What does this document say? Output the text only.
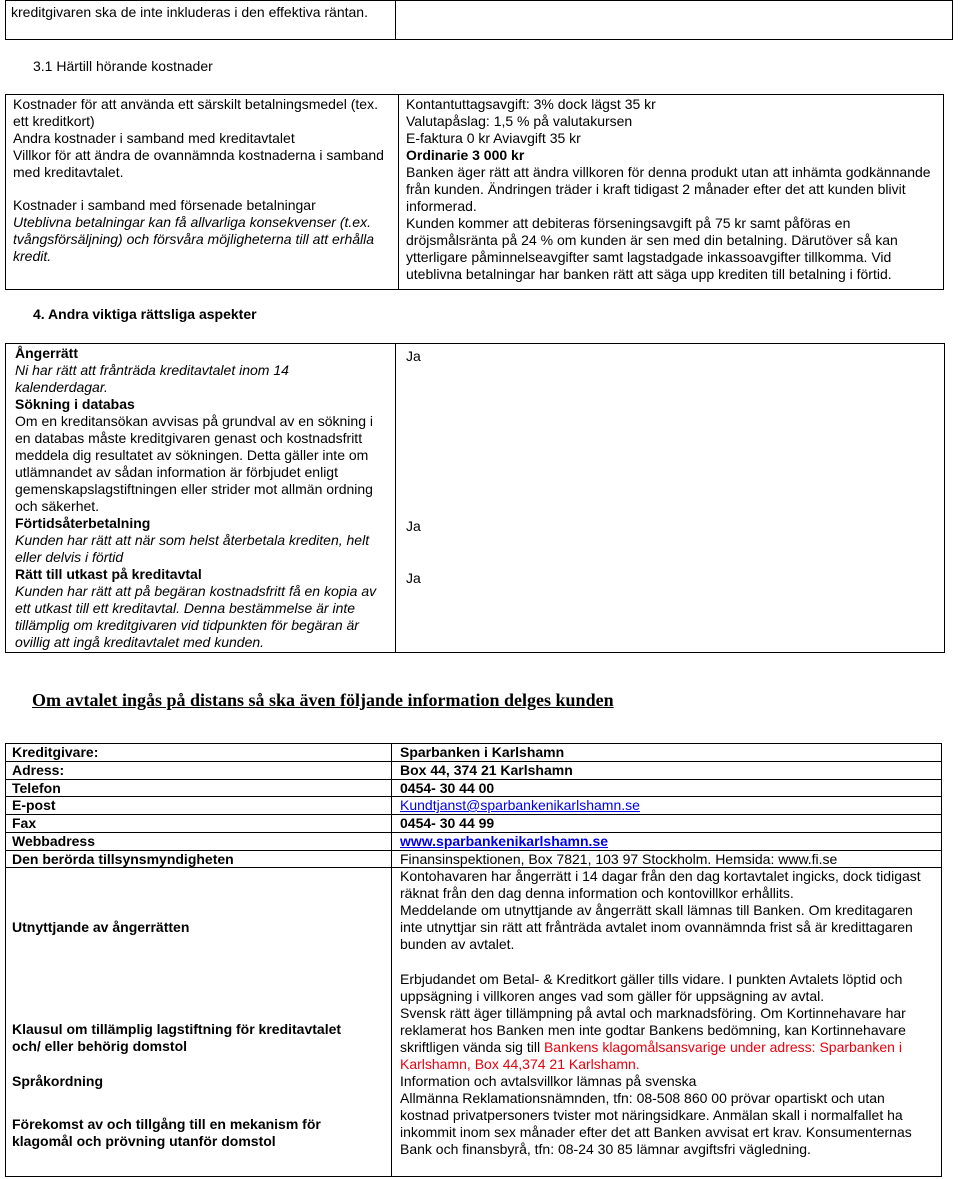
kreditgivaren ska de inte inkluderas i den effektiva räntan.
3.1 Härtill hörande kostnader

Kostnader för att använda ett särskilt betalningsmedel (tex. ett kreditkort)

Andra kostnader i samband med kreditavtalet

Villkor för att ändra de ovannämnda kostnaderna i samband med kreditavtalet.

Kostnader i samband med försenade betalningar

Uteblivna betalningar kan få allvarliga konsekvenser (t.ex. tvångsförsäljning) och försvåra möjligheterna till att erhålla kredit.

Kontantuttagsavgift: 3% dock lägst 35 kr

Valutapåslag: 1,5 % på valutakursen

E-faktura 0 kr Aviavgift 35 kr

Ordinarie 3 000 kr

Banken äger rätt att ändra villkoren för denna produkt utan att inhämta godkännande från kunden. Ändringen träder i kraft tidigast 2 månader efter det att kunden blivit informerad.

Kunden kommer att debiteras förseningsavgift på 75 kr samt påföras en dröjsmålsränta på 24 % om kunden är sen med din betalning. Därutöver så kan ytterligare påminnelseavgifter samt lagstadgade inkassoavgifter tillkomma. Vid uteblivna betalningar har banken rätt att säga upp krediten till betalning i förtid.

4. Andra viktiga rättsliga aspekter

Ångerrätt

Ni har rätt att frånträda kreditavtalet inom 14 kalenderdagar.

Sökning i databas

Om en kreditansökan avvisas på grundval av en sökning i en databas måste kreditgivaren genast och kostnadsfritt meddela dig resultatet av sökningen. Detta gäller inte om utlämnandet av sådan information är förbjudet enligt gemenskapslagstiftningen eller strider mot allmän ordning och säkerhet.

Förtidsåterbetalning

Kunden har rätt att när som helst återbetala krediten, helt eller delvis i förtid

Rätt till utkast på kreditavtal

Kunden har rätt att på begäran kostnadsfritt få en kopia av ett utkast till ett kreditavtal. Denna bestämmelse är inte tillämplig om kreditgivaren vid tidpunkten för begäran är ovillig att ingå kreditavtalet med kunden.

Ja
Ja
Ja
Om avtalet ingås på distans så ska även följande information delges kunden
Kreditgivare:
Adress:
Telefon
E-post
Fax
Webbadress
Den berörda tillsynsmyndigheten
Utnyttjande av ångerrätten
Klausul om tillämplig lagstiftning för kreditavtalet och/ eller behörig domstol
Språkordning
Förekomst av och tillgång till en mekanism för klagomål och prövning utanför domstol
Sparbanken i Karlshamn
Box 44, 374 21 Karlshamn
0454- 30 44 00
Kundtjanst@sparbankenikarlshamn.se
0454- 30 44 99
www.sparbankenikarlshamn.se
Finansinspektionen, Box 7821, 103 97 Stockholm. Hemsida: www.fi.se

Kontohavaren har ångerrätt i 14 dagar från den dag kortavtalet ingicks, dock tidigast räknat från den dag denna information och kontovillkor erhållits.

Meddelande om utnyttjande av ångerrätt skall lämnas till Banken. Om kreditagaren inte utnyttjar sin rätt att frånträda avtalet inom ovannämnda frist så är kredittagaren bunden av avtalet.

Erbjudandet om Betal- & Kreditkort gäller tills vidare. I punkten Avtalets löptid och uppsägning i villkoren anges vad som gäller för uppsägning av avtal.
Svensk rätt äger tillämpning på avtal och marknadsföring. Om Kortinnehavare har reklamerat hos Banken men inte godtar Bankens bedömning, kan Kortinnehavare skriftligen vända sig till Bankens klagomålsansvarige under adress: Sparbanken i Karlshamn, Box 44,374 21 Karlshamn.
Information och avtalsvillkor lämnas på svenska
Allmänna Reklamationsnämnden, tfn: 08-508 860 00 prövar opartiskt och utan kostnad privatpersoners tvister mot näringsidkare. Anmälan skall i normalfallet ha inkommit inom sex månader efter det att Banken avvisat ert krav. Konsumenternas Bank och finansbyrå, tfn: 08-24 30 85 lämnar avgiftsfri vägledning.
